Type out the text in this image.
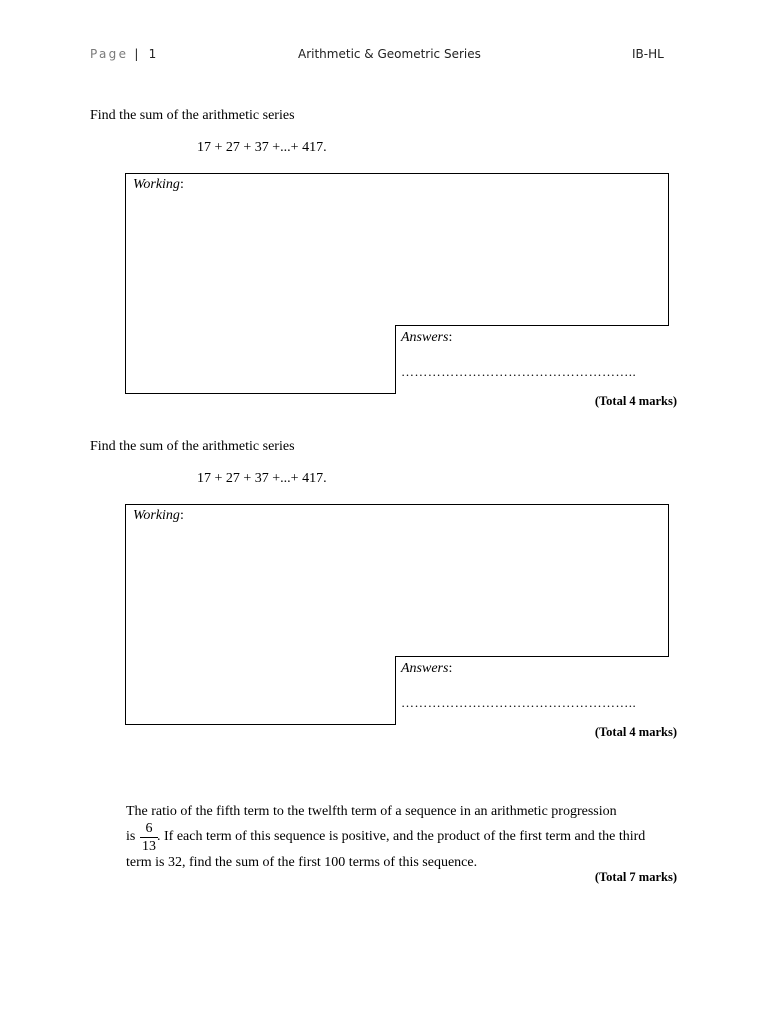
Page | 1	Arithmetic & Geometric Series	IB-HL
Find the sum of the arithmetic series
17 + 27 + 37 +...+ 417.
Working:
Answers:
……………………………………………..
(Total 4 marks)
Find the sum of the arithmetic series
17 + 27 + 37 +...+ 417.
Working:
Answers:
……………………………………………..
(Total 4 marks)
The ratio of the fifth term to the twelfth term of a sequence in an arithmetic progression
is
6
13
. If each term of this sequence is positive, and the product of the first term and the third
term is 32, find the sum of the first 100 terms of this sequence.
(Total 7 marks)
